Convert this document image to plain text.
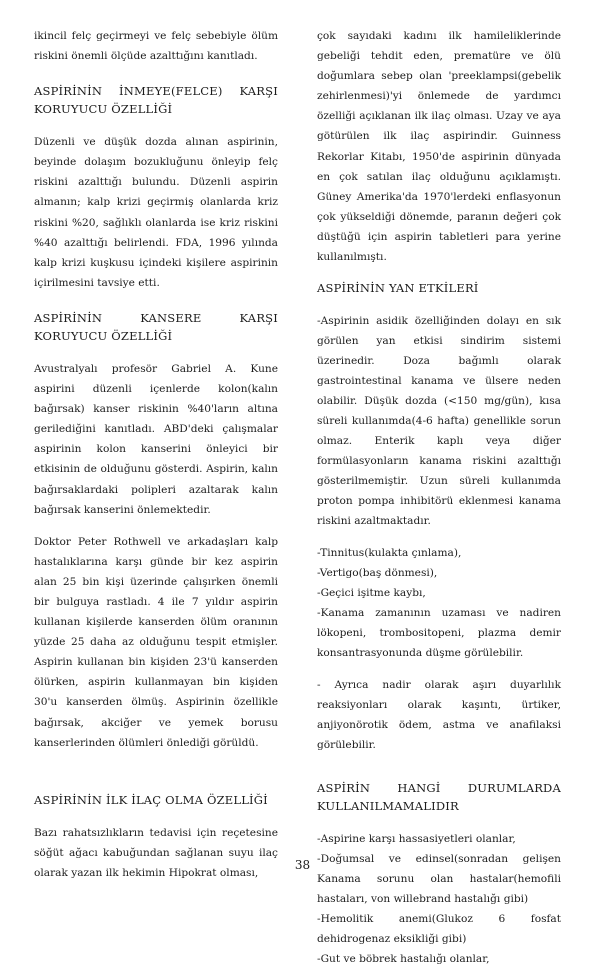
ikincil felç geçirmeyi ve felç sebebiyle ölüm riskini önemli ölçüde azalttığını kanıtladı.

ASPİRİNİN İNMEYE(FELCE) KARŞI KORUYUCU ÖZELLİĞİ

Düzenli ve düşük dozda alınan aspirinin, beyinde dolaşım bozukluğunu önleyip felç riskini azalttığı bulundu. Düzenli aspirin almanın; kalp krizi geçirmiş olanlarda kriz riskini %20, sağlıklı olanlarda ise kriz riskini %40 azalttığı belirlendi. FDA, 1996 yılında kalp krizi kuşkusu içindeki kişilere aspirinin içirilmesini tavsiye etti.

ASPİRİNİN KANSERE KARŞI KORUYUCU ÖZELLİĞİ

Avustralyalı profesör Gabriel A. Kune aspirini düzenli içenlerde kolon(kalın bağırsak) kanser riskinin %40'ların altına gerilediğini kanıtladı. ABD'deki çalışmalar aspirinin kolon kanserini önleyici bir etkisinin de olduğunu gösterdi. Aspirin, kalın bağırsaklardaki polipleri azaltarak kalın bağırsak kanserini önlemektedir.

Doktor Peter Rothwell ve arkadaşları kalp hastalıklarına karşı günde bir kez aspirin alan 25 bin kişi üzerinde çalışırken önemli bir bulguya rastladı. 4 ile 7 yıldır aspirin kullanan kişilerde kanserden ölüm oranının yüzde 25 daha az olduğunu tespit etmişler. Aspirin kullanan bin kişiden 23'ü kanserden ölürken, aspirin kullanmayan bin kişiden 30'u kanserden ölmüş. Aspirinin özellikle bağırsak, akciğer ve yemek borusu kanserlerinden ölümleri önlediği görüldü.

ASPİRİNİN İLK İLAÇ OLMA ÖZELLİĞİ

Bazı rahatsızlıkların tedavisi için reçetesine söğüt ağacı kabuğundan sağlanan suyu ilaç olarak yazan ilk hekimin Hipokrat olması,

çok sayıdaki kadını ilk hamileliklerinde gebeliği tehdit eden, prematüre ve ölü doğumlara sebep olan 'preeklampsi(gebelik zehirlenmesi)'yi önlemede de yardımcı özelliği açıklanan ilk ilaç olması. Uzay ve aya götürülen ilk ilaç aspirindir. Guinness Rekorlar Kitabı, 1950'de aspirinin dünyada en çok satılan ilaç olduğunu açıklamıştı. Güney Amerika'da 1970'lerdeki enflasyonun çok yükseldiği dönemde, paranın değeri çok düştüğü için aspirin tabletleri para yerine kullanılmıştı.

ASPİRİNİN YAN ETKİLERİ

-Aspirinin asidik özelliğinden dolayı en sık görülen yan etkisi sindirim sistemi üzerinedir. Doza bağımlı olarak gastrointestinal kanama ve ülsere neden olabilir. Düşük dozda (<150 mg/gün), kısa süreli kullanımda(4-6 hafta) genellikle sorun olmaz. Enterik kaplı veya diğer formülasyonların kanama riskini azalttığı gösterilmemiştir. Uzun süreli kullanımda proton pompa inhibitörü eklenmesi kanama riskini azaltmaktadır.

-Tinnitus(kulakta çınlama),
-Vertigo(baş dönmesi),
-Geçici işitme kaybı,

-Kanama zamanının uzaması ve nadiren lökopeni, trombositopeni, plazma demir konsantrasyonunda düşme görülebilir.

- Ayrıca nadir olarak aşırı duyarlılık reaksiyonları olarak kaşıntı, ürtiker, anjiyonörotik ödem, astma ve anafilaksi görülebilir.

ASPİRİN HANGİ DURUMLARDA KULLANILMAMALIDIR
-Aspirine karşı hassasiyetleri olanlar,
-Doğumsal ve edinsel(sonradan gelişen Kanama sorunu olan hastalar(hemofili hastaları, von willebrand hastalığı gibi)
-Hemolitik anemi(Glukoz 6 fosfat dehidrogenaz eksikliği gibi)
-Gut ve böbrek hastalığı olanlar,
38
